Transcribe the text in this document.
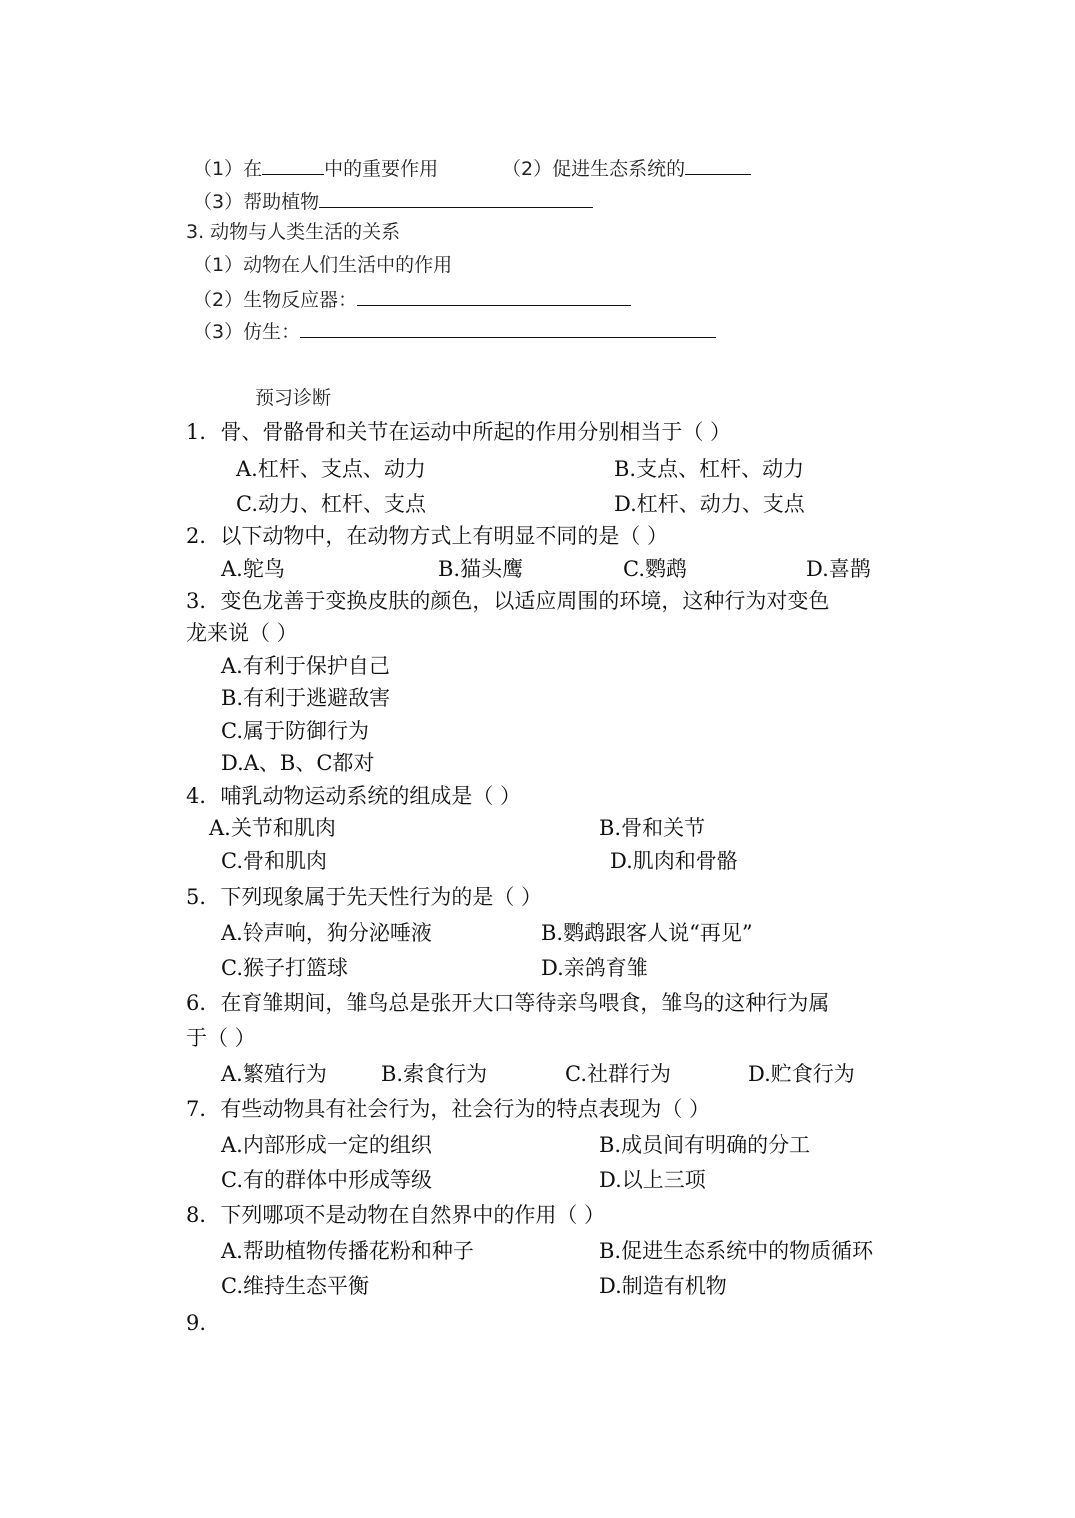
（1）在	中的重要作用	（2）促进生态系统的
（3）帮助植物
3. 动物与人类生活的关系
（1）动物在人们生活中的作用
（2）生物反应器：
（3）仿生：
预习诊断
1．骨、骨骼骨和关节在运动中所起的作用分别相当于（ ）
A.杠杆、支点、动力	B.支点、杠杆、动力
C.动力、杠杆、支点	D.杠杆、动力、支点
2．以下动物中，在动物方式上有明显不同的是（ ）
A.鸵鸟	B.猫头鹰	C.鹦鹉	D.喜鹊
3．变色龙善于变换皮肤的颜色，以适应周围的环境，这种行为对变色
龙来说（ ）
A.有利于保护自己
B.有利于逃避敌害
C.属于防御行为
D.A、B、C都对
4．哺乳动物运动系统的组成是（ ）
A.关节和肌肉	B.骨和关节
C.骨和肌肉	D.肌肉和骨骼
5．下列现象属于先天性行为的是（ ）
A.铃声响，狗分泌唾液	B.鹦鹉跟客人说“再见”
C.猴子打篮球	D.亲鸽育雏
6．在育雏期间，雏鸟总是张开大口等待亲鸟喂食，雏鸟的这种行为属
于（ ）
A.繁殖行为	B.索食行为	C.社群行为	D.贮食行为
7．有些动物具有社会行为，社会行为的特点表现为（ ）
A.内部形成一定的组织	B.成员间有明确的分工
C.有的群体中形成等级	D.以上三项
8．下列哪项不是动物在自然界中的作用（ ）
A.帮助植物传播花粉和种子	B.促进生态系统中的物质循环
C.维持生态平衡	D.制造有机物
9.
